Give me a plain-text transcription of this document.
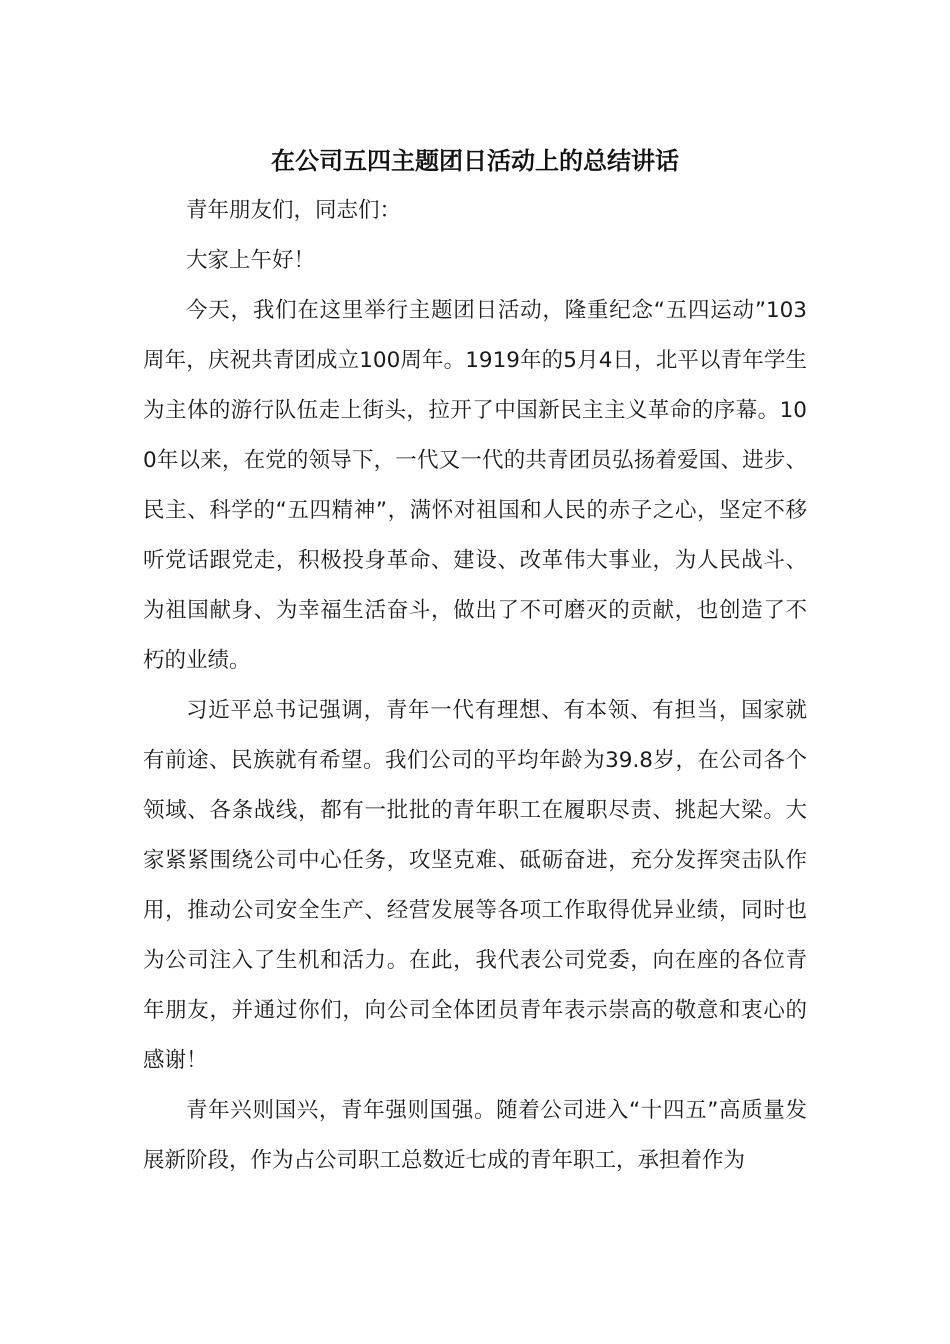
在公司五四主题团日活动上的总结讲话

青年朋友们，同志们：

大家上午好！

今天，我们在这里举行主题团日活动，隆重纪念“五四运动”103周年，庆祝共青团成立100周年。1919年的5月4日，北平以青年学生为主体的游行队伍走上街头，拉开了中国新民主主义革命的序幕。100年以来，在党的领导下，一代又一代的共青团员弘扬着爱国、进步、民主、科学的“五四精神”，满怀对祖国和人民的赤子之心，坚定不移听党话跟党走，积极投身革命、建设、改革伟大事业，为人民战斗、为祖国献身、为幸福生活奋斗，做出了不可磨灭的贡献，也创造了不朽的业绩。

习近平总书记强调，青年一代有理想、有本领、有担当，国家就有前途、民族就有希望。我们公司的平均年龄为39.8岁，在公司各个领域、各条战线，都有一批批的青年职工在履职尽责、挑起大梁。大家紧紧围绕公司中心任务，攻坚克难、砥砺奋进，充分发挥突击队作用，推动公司安全生产、经营发展等各项工作取得优异业绩，同时也为公司注入了生机和活力。在此，我代表公司党委，向在座的各位青年朋友，并通过你们，向公司全体团员青年表示崇高的敬意和衷心的感谢！

青年兴则国兴，青年强则国强。随着公司进入“十四五”高质量发展新阶段，作为占公司职工总数近七成的青年职工，承担着作为
